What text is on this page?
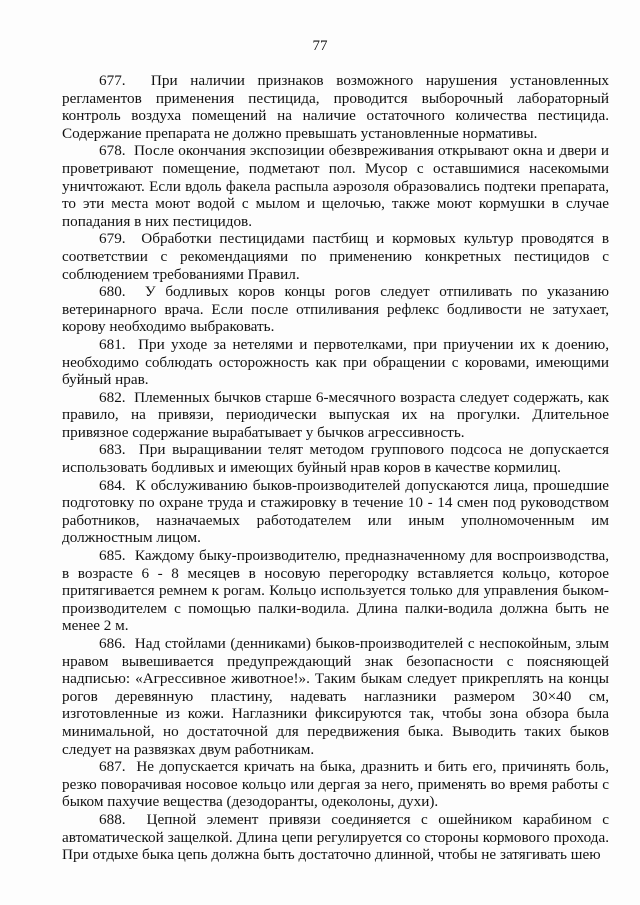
77

677. При наличии признаков возможного нарушения установленных регламентов применения пестицида, проводится выборочный лабораторный контроль воздуха помещений на наличие остаточного количества пестицида. Содержание препарата не должно превышать установленные нормативы.

678. После окончания экспозиции обезвреживания открывают окна и двери и проветривают помещение, подметают пол. Мусор с оставшимися насекомыми уничтожают. Если вдоль факела распыла аэрозоля образовались подтеки препарата, то эти места моют водой с мылом и щелочью, также моют кормушки в случае попадания в них пестицидов.

679. Обработки пестицидами пастбищ и кормовых культур проводятся в соответствии с рекомендациями по применению конкретных пестицидов с соблюдением требованиями Правил.

680. У бодливых коров концы рогов следует отпиливать по указанию ветеринарного врача. Если после отпиливания рефлекс бодливости не затухает, корову необходимо выбраковать.

681. При уходе за нетелями и первотелками, при приучении их к доению, необходимо соблюдать осторожность как при обращении с коровами, имеющими буйный нрав.

682. Племенных бычков старше 6-месячного возраста следует содержать, как правило, на привязи, периодически выпуская их на прогулки. Длительное привязное содержание вырабатывает у бычков агрессивность.

683. При выращивании телят методом группового подсоса не допускается использовать бодливых и имеющих буйный нрав коров в качестве кормилиц.

684. К обслуживанию быков-производителей допускаются лица, прошедшие подготовку по охране труда и стажировку в течение 10 - 14 смен под руководством работников, назначаемых работодателем или иным уполномоченным им должностным лицом.

685. Каждому быку-производителю, предназначенному для воспроизводства, в возрасте 6 - 8 месяцев в носовую перегородку вставляется кольцо, которое притягивается ремнем к рогам. Кольцо используется только для управления быком-производителем с помощью палки-водила. Длина палки-водила должна быть не менее 2 м.

686. Над стойлами (денниками) быков-производителей с неспокойным, злым нравом вывешивается предупреждающий знак безопасности с поясняющей надписью: «Агрессивное животное!». Таким быкам следует прикреплять на концы рогов деревянную пластину, надевать наглазники размером 30×40 см, изготовленные из кожи. Наглазники фиксируются так, чтобы зона обзора была минимальной, но достаточной для передвижения быка. Выводить таких быков следует на развязках двум работникам.

687. Не допускается кричать на быка, дразнить и бить его, причинять боль, резко поворачивая носовое кольцо или дергая за него, применять во время работы с быком пахучие вещества (дезодоранты, одеколоны, духи).

688. Цепной элемент привязи соединяется с ошейником карабином с автоматической защелкой. Длина цепи регулируется со стороны кормового прохода. При отдыхе быка цепь должна быть достаточно длинной, чтобы не затягивать шею
